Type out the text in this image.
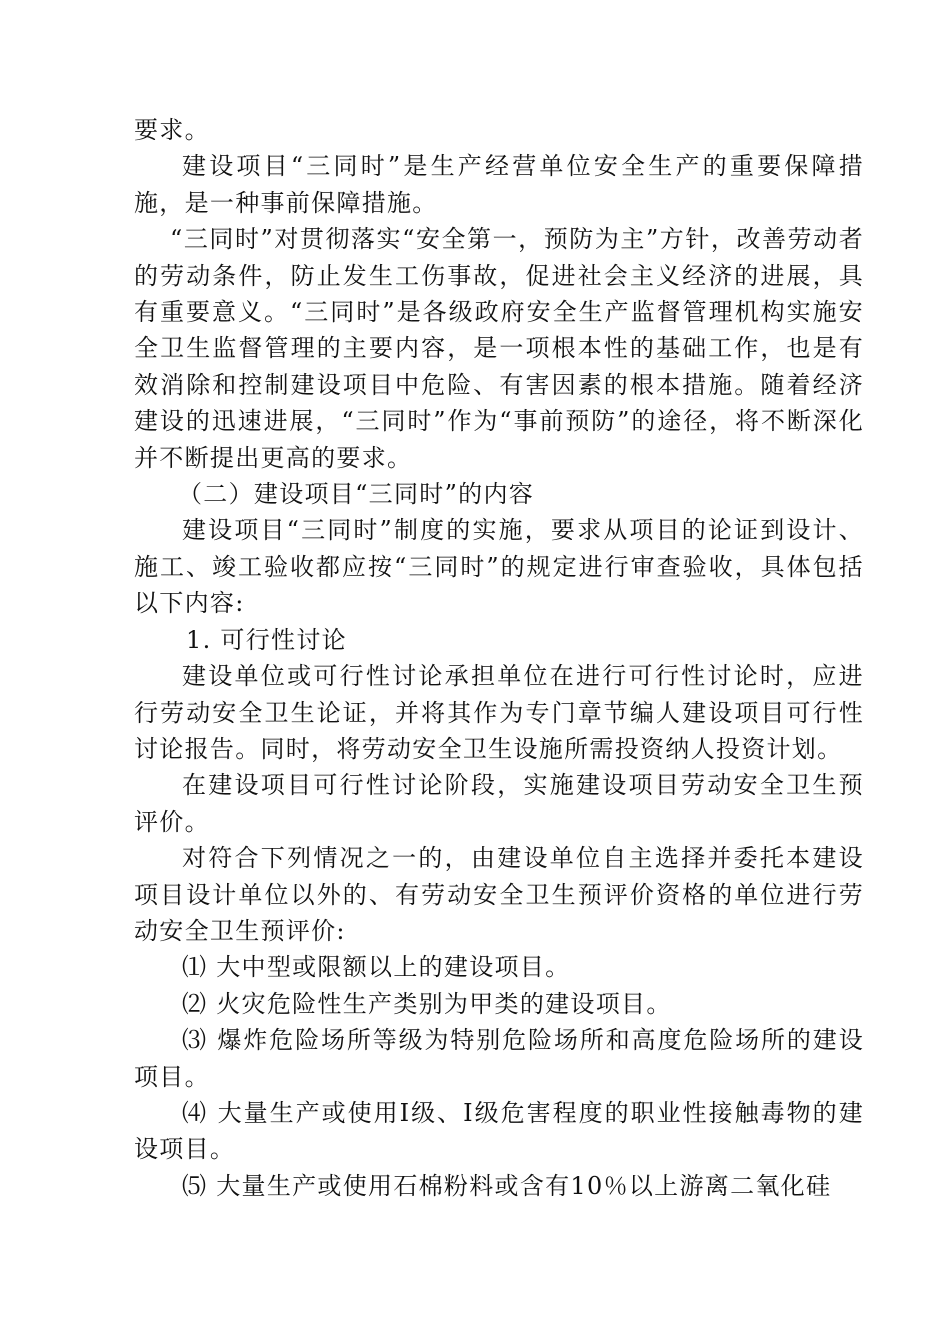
要求。

建设项目“三同时”是生产经营单位安全生产的重要保障措施，是一种事前保障措施。

“三同时”对贯彻落实“安全第一，预防为主”方针，改善劳动者的劳动条件，防止发生工伤事故，促进社会主义经济的进展，具有重要意义。“三同时”是各级政府安全生产监督管理机构实施安全卫生监督管理的主要内容，是一项根本性的基础工作，也是有效消除和控制建设项目中危险、有害因素的根本措施。随着经济建设的迅速进展，“三同时”作为“事前预防”的途径，将不断深化并不断提出更高的要求。

（二）建设项目“三同时”的内容

建设项目“三同时”制度的实施，要求从项目的论证到设计、施工、竣工验收都应按“三同时”的规定进行审查验收，具体包括以下内容:

1. 可行性讨论

建设单位或可行性讨论承担单位在进行可行性讨论时，应进行劳动安全卫生论证，并将其作为专门章节编人建设项目可行性讨论报告。同时，将劳动安全卫生设施所需投资纳人投资计划。

在建设项目可行性讨论阶段，实施建设项目劳动安全卫生预评价。

对符合下列情况之一的，由建设单位自主选择并委托本建设项目设计单位以外的、有劳动安全卫生预评价资格的单位进行劳动安全卫生预评价:

⑴ 大中型或限额以上的建设项目。

⑵ 火灾危险性生产类别为甲类的建设项目。

⑶ 爆炸危险场所等级为特别危险场所和高度危险场所的建设项目。

⑷ 大量生产或使用Ⅰ级、Ⅰ级危害程度的职业性接触毒物的建设项目。

⑸ 大量生产或使用石棉粉料或含有10％以上游离二氧化硅
